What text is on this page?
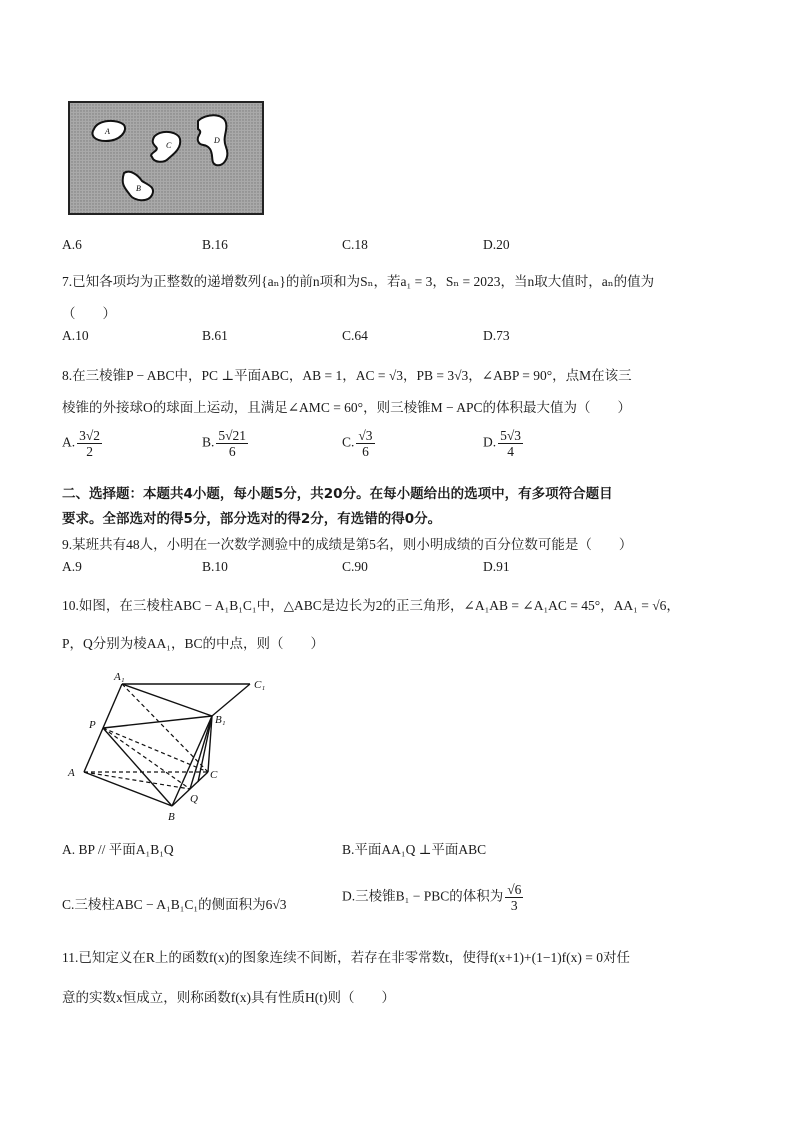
A
C
D
B
A.6	B.16	C.18	D.20
7.已知各项均为正整数的递增数列{aₙ}的前n项和为Sₙ，若a₁ = 3，Sₙ = 2023，当n取大值时，aₙ的值为
（　　）
A.10	B.61	C.64	D.73
8.在三棱锥P − ABC中，PC ⊥平面ABC，AB = 1，AC = √3，PB = 3√3，∠ABP = 90°，点M在该三
棱锥的外接球O的球面上运动，且满足∠AMC = 60°，则三棱锥M − APC的体积最大值为（　　）
A. $\frac{3√2}{2}$	B. $\frac{5√21}{6}$	C. $\frac{√3}{6}$	D. $\frac{5√3}{4}$
二、选择题：本题共4小题，每小题5分，共20分。在每小题给出的选项中，有多项符合题目
要求。全部选对的得5分，部分选对的得2分，有选错的得0分。
9.某班共有48人，小明在一次数学测验中的成绩是第5名，则小明成绩的百分位数可能是（　　）
A.9	B.10	C.90	D.91
10.如图，在三棱柱ABC − A₁B₁C₁中，△ABC是边长为2的正三角形，∠A₁AB = ∠A₁AC = 45°，AA₁ = √6，
P，Q分别为棱AA₁，BC的中点，则（　　）
A₁
C₁
P	B₁
A	C
Q
B
A. BP // 平面A₁B₁Q	B.平面AA₁Q ⊥平面ABC
C.三棱柱ABC − A₁B₁C₁的侧面积为6√3
D.三棱锥B₁ − PBC的体积为 $\frac{√6}{3}$
11.已知定义在R上的函数f(x)的图象连续不间断，若存在非零常数t，使得f(x+1)+(1−1)f(x) = 0对任
意的实数x恒成立，则称函数f(x)具有性质H(t)则（　　）
